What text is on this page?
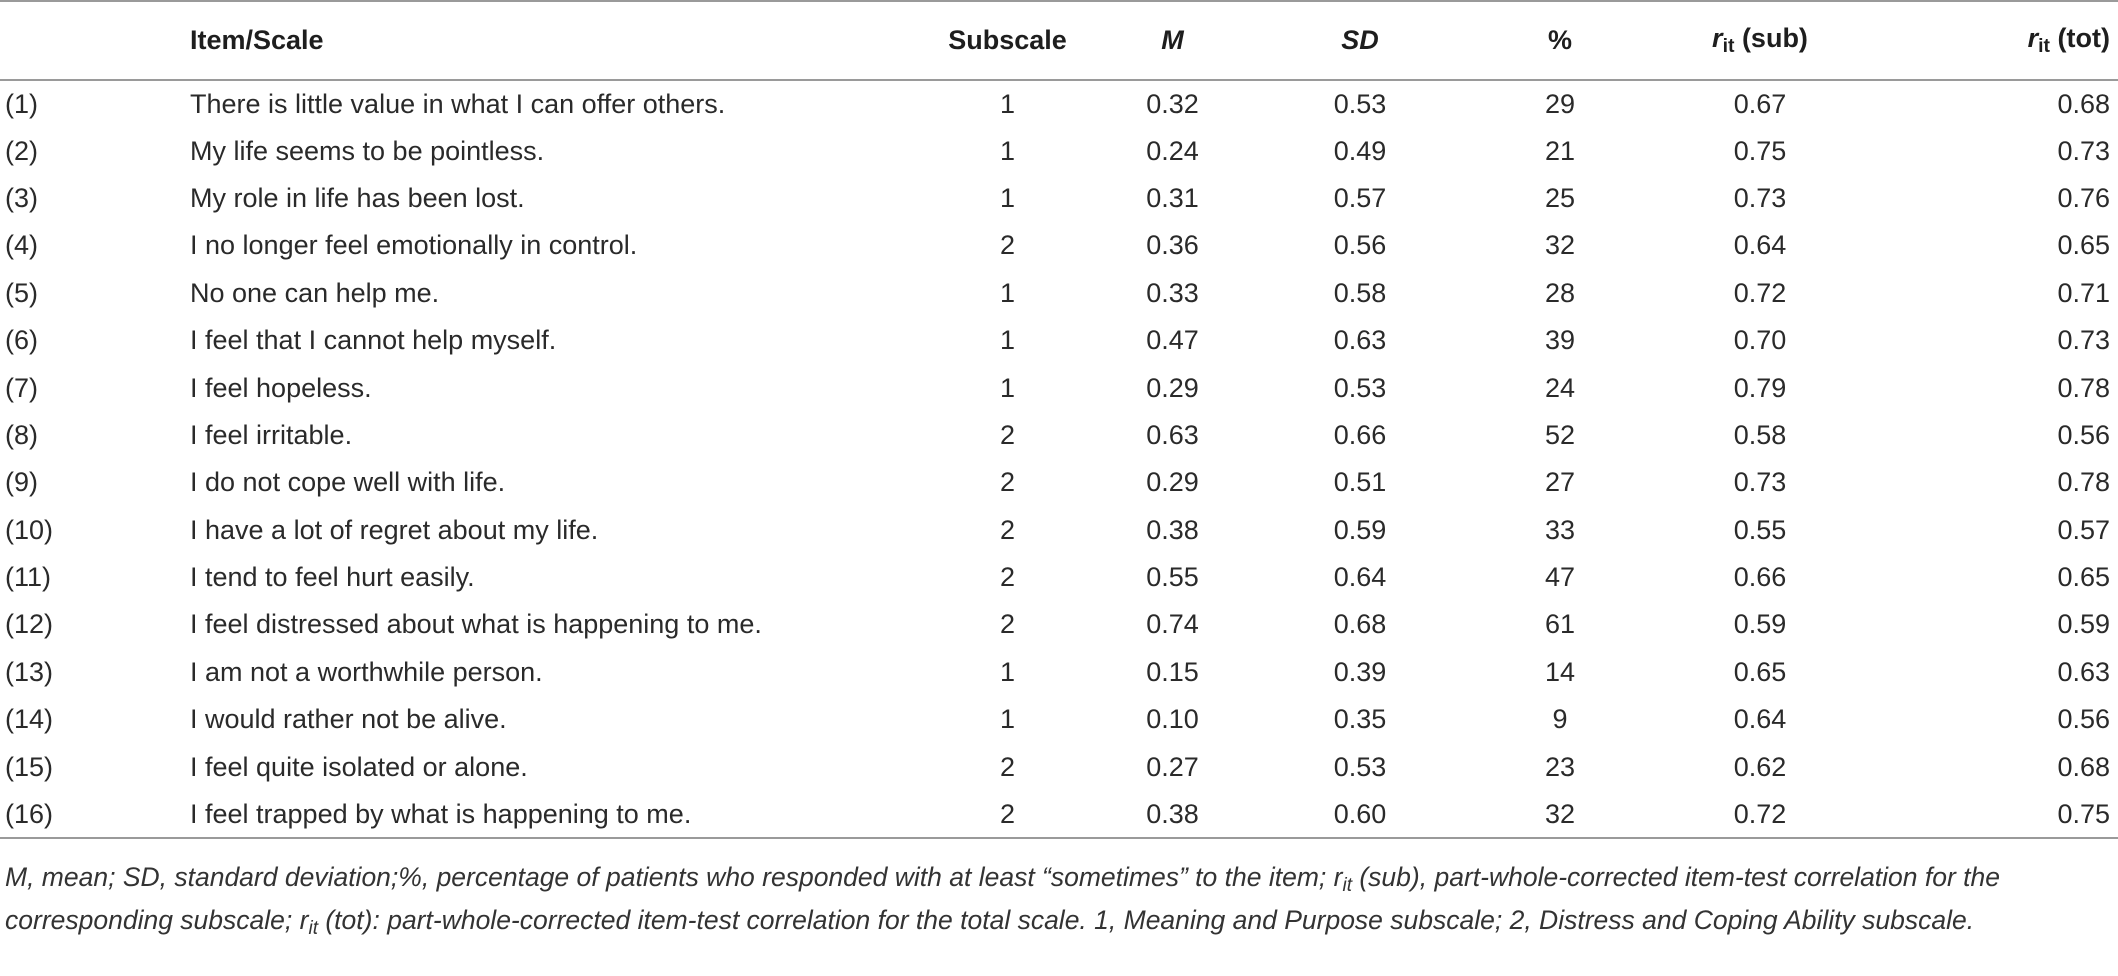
	Item/Scale	Subscale	M	SD	%	$r_{it}$ (sub)	$r_{it}$ (tot)
(1)	There is little value in what I can offer others.	1	0.32	0.53	29	0.67	0.68
(2)	My life seems to be pointless.	1	0.24	0.49	21	0.75	0.73
(3)	My role in life has been lost.	1	0.31	0.57	25	0.73	0.76
(4)	I no longer feel emotionally in control.	2	0.36	0.56	32	0.64	0.65
(5)	No one can help me.	1	0.33	0.58	28	0.72	0.71
(6)	I feel that I cannot help myself.	1	0.47	0.63	39	0.70	0.73
(7)	I feel hopeless.	1	0.29	0.53	24	0.79	0.78
(8)	I feel irritable.	2	0.63	0.66	52	0.58	0.56
(9)	I do not cope well with life.	2	0.29	0.51	27	0.73	0.78
(10)	I have a lot of regret about my life.	2	0.38	0.59	33	0.55	0.57
(11)	I tend to feel hurt easily.	2	0.55	0.64	47	0.66	0.65
(12)	I feel distressed about what is happening to me.	2	0.74	0.68	61	0.59	0.59
(13)	I am not a worthwhile person.	1	0.15	0.39	14	0.65	0.63
(14)	I would rather not be alive.	1	0.10	0.35	9	0.64	0.56
(15)	I feel quite isolated or alone.	2	0.27	0.53	23	0.62	0.68
(16)	I feel trapped by what is happening to me.	2	0.38	0.60	32	0.72	0.75
M, mean; SD, standard deviation;%, percentage of patients who responded with at least “sometimes” to the item; $r_{it}$ (sub), part-whole-corrected item-test correlation for the corresponding subscale; $r_{it}$ (tot): part-whole-corrected item-test correlation for the total scale. 1, Meaning and Purpose subscale; 2, Distress and Coping Ability subscale.
